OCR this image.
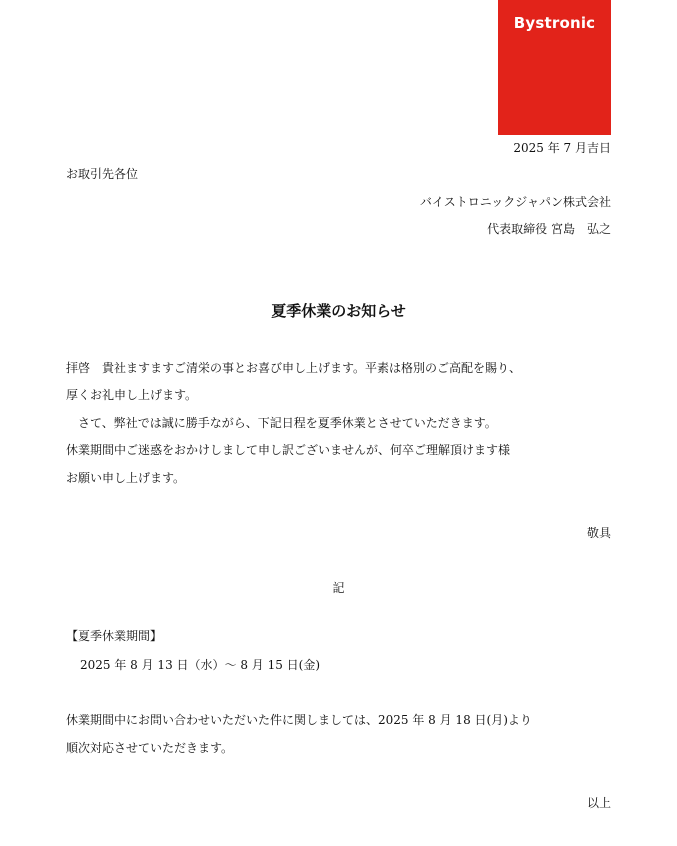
Bystronic
2025 年 7 月吉日
お取引先各位
バイストロニックジャパン株式会社
代表取締役 宮島　弘之
夏季休業のお知らせ
拝啓　貴社ますますご清栄の事とお喜び申し上げます。平素は格別のご高配を賜り、
厚くお礼申し上げます。
　さて、弊社では誠に勝手ながら、下記日程を夏季休業とさせていただきます。
休業期間中ご迷惑をおかけしまして申し訳ございませんが、何卒ご理解頂けます様
お願い申し上げます。
敬具
記
【夏季休業期間】
2025 年 8 月 13 日（水）～ 8 月 15 日(金)
休業期間中にお問い合わせいただいた件に関しましては、2025 年 8 月 18 日(月)より
順次対応させていただきます。
以上
